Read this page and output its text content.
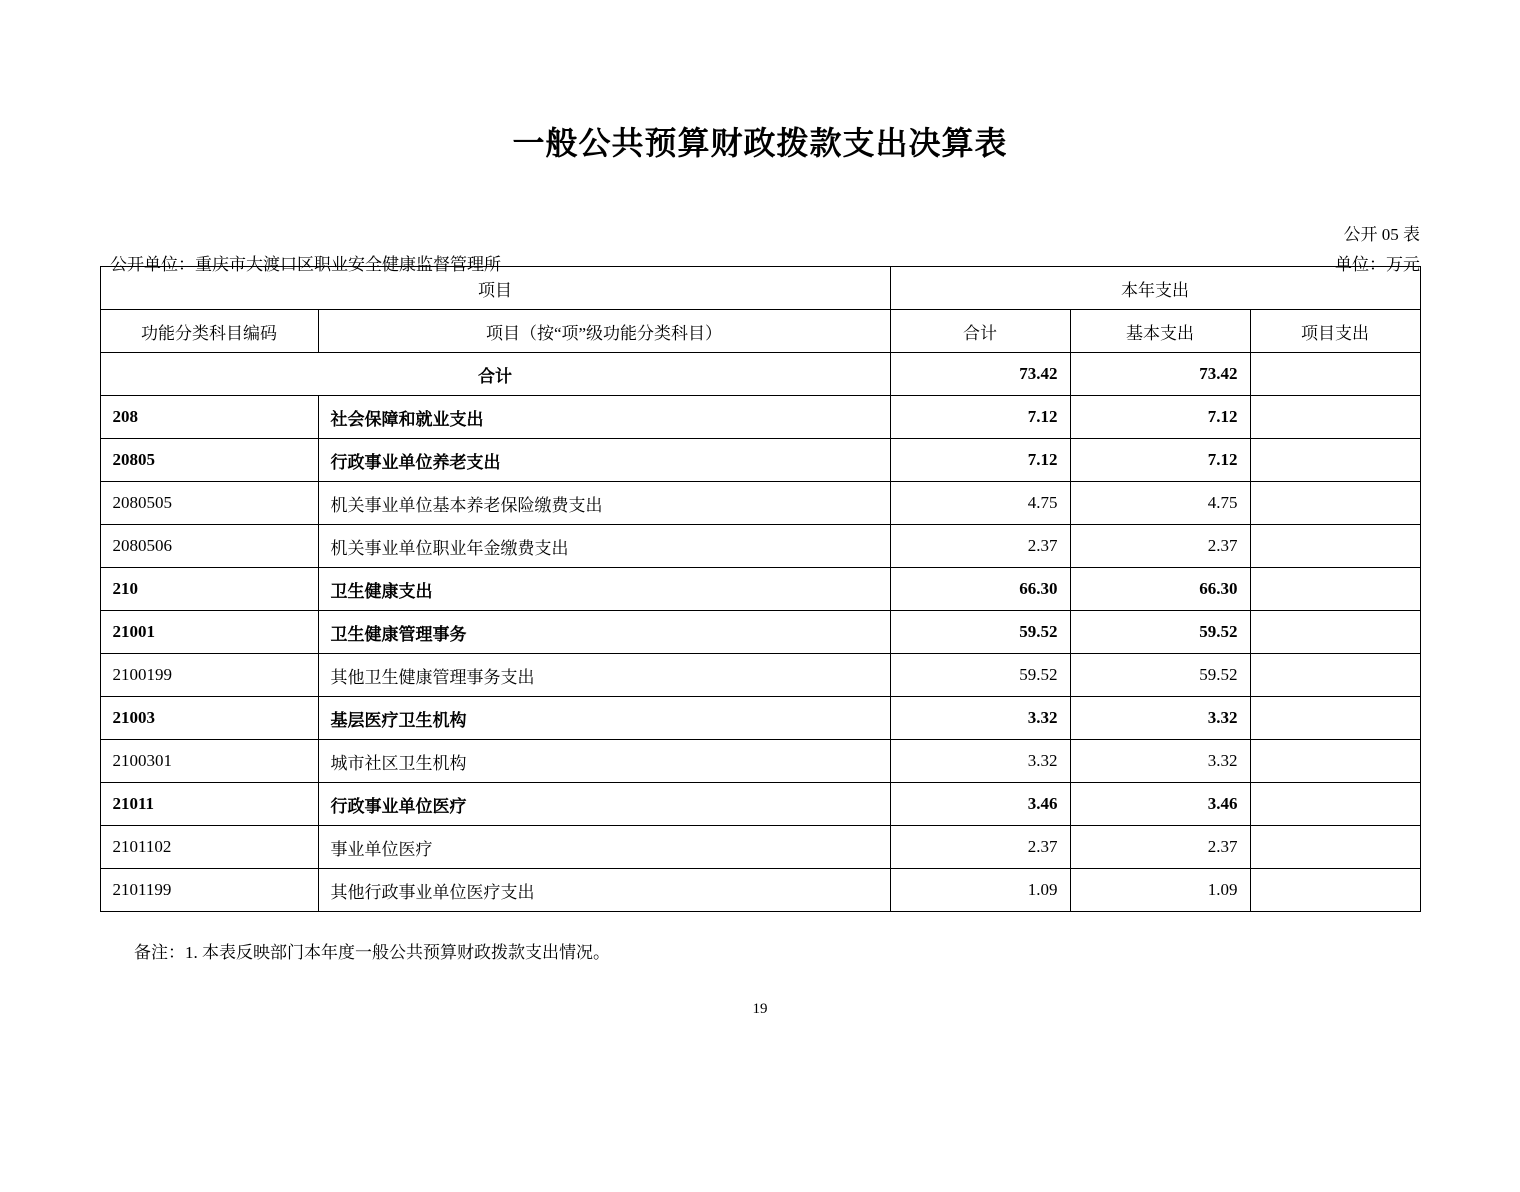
一般公共预算财政拨款支出决算表
公开 05 表
公开单位：重庆市大渡口区职业安全健康监督管理所	单位：万元
项目		本年支出		
功能分类科目编码	项目（按“项”级功能分类科目）	合计	基本支出	项目支出
合计		73.42	73.42	
208	社会保障和就业支出	7.12	7.12	
20805	行政事业单位养老支出	7.12	7.12	
2080505	机关事业单位基本养老保险缴费支出	4.75	4.75	
2080506	机关事业单位职业年金缴费支出	2.37	2.37	
210	卫生健康支出	66.30	66.30	
21001	卫生健康管理事务	59.52	59.52	
2100199	其他卫生健康管理事务支出	59.52	59.52	
21003	基层医疗卫生机构	3.32	3.32	
2100301	城市社区卫生机构	3.32	3.32	
21011	行政事业单位医疗	3.46	3.46	
2101102	事业单位医疗	2.37	2.37	
2101199	其他行政事业单位医疗支出	1.09	1.09	
备注：1. 本表反映部门本年度一般公共预算财政拨款支出情况。
19
